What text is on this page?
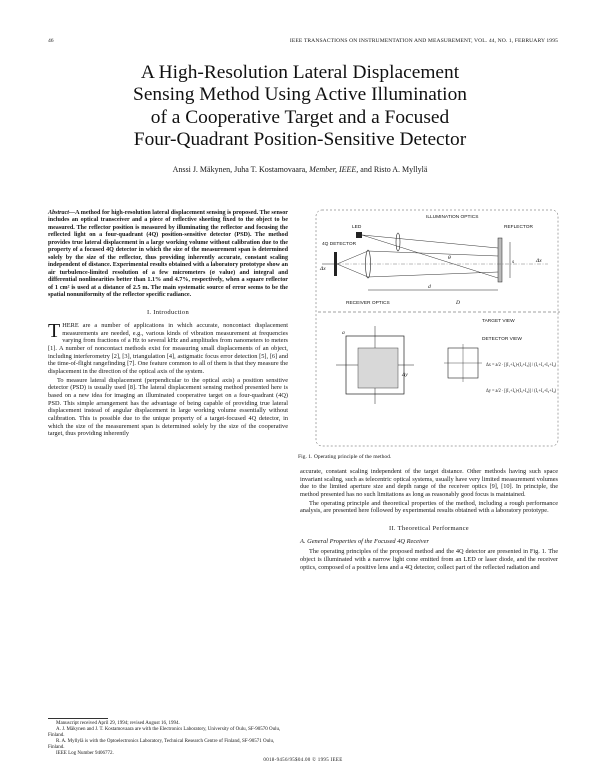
46	IEEE TRANSACTIONS ON INSTRUMENTATION AND MEASUREMENT, VOL. 44, NO. 1, FEBRUARY 1995
A High-Resolution Lateral Displacement
Sensing Method Using Active Illumination
of a Cooperative Target and a Focused
Four-Quadrant Position-Sensitive Detector
Anssi J. Mäkynen, Juha T. Kostamovaara, Member, IEEE, and Risto A. Myllylä
Abstract—A method for high-resolution lateral displacement sensing is proposed. The sensor includes an optical transceiver and a piece of reflective sheeting fixed to the object to be measured. The reflector position is measured by illuminating the reflector and focusing the reflected light on a four-quadrant (4Q) position-sensitive detector (PSD). The method provides true lateral displacement in a large working volume without calibration due to the property of a focused 4Q detector in which the size of the measurement span is determined solely by the size of the reflector, thus providing inherently accurate, constant scaling independent of distance. Experimental results obtained with a laboratory prototype show an air turbulence-limited resolution of a few micrometers (σ value) and integral and differential nonlinearities better than 1.1% and 4.7%, respectively, when a square reflector of 1 cm² is used at a distance of 2.5 m. The main systematic source of error seems to be the spatial nonuniformity of the reflector specific radiance.
I. Introduction
THERE are a number of applications in which accurate, noncontact displacement measurements are needed, e.g., various kinds of vibration measurement at frequencies varying from fractions of a Hz to several kHz and amplitudes from nanometers to meters [1]. A number of noncontact methods exist for measuring small displacements of an object, including interferometry [2], [3], triangulation [4], astigmatic focus error detection [5], [6] and the time-of-flight rangefinding [7]. One feature common to all of them is that they measure the displacement in the direction of the optical axis of the system.
To measure lateral displacement (perpendicular to the optical axis) a position sensitive detector (PSD) is usually used [8]. The lateral displacement sensing method presented here is based on a new idea for imaging an illuminated cooperative target on a four-quadrant (4Q) PSD. This simple arrangement has the advantage of being capable of providing true lateral displacement instead of angular displacement in large working volume essentially without calibration. This is possible due to the unique property of a target-focused 4Q detector, in which the size of the measurement span is determined solely by the size of the cooperative target, thus providing inherently
ILLUMINATION OPTICS
LED	REFLECTOR
4Q DETECTOR
RECEIVER OPTICS
s
Δx
θ	Δx
d
D
TARGET VIEW
DETECTOR VIEW
a
Δy
Δx = a/2 · [(I₁+I₄)-(I₂+I₃)] / (I₁+I₂+I₃+I₄)
Δy = a/2 · [(I₁+I₂)-(I₃+I₄)] / (I₁+I₂+I₃+I₄)
Fig. 1. Operating principle of the method.
accurate, constant scaling independent of the target distance. Other methods having such space invariant scaling, such as telecentric optical systems, usually have very limited measurement volumes due to the limited aperture size and depth range of the receiver optics [9], [10]. In principle, the method presented has no such limitations as long as reasonably good focus is maintained.
The operating principle and theoretical properties of the method, including a rough performance analysis, are presented here followed by experimental results obtained with a laboratory prototype.
II. Theoretical Performance
A. General Properties of the Focused 4Q Receiver
The operating principles of the proposed method and the 4Q detector are presented in Fig. 1. The object is illuminated with a narrow light cone emitted from an LED or laser diode, and the receiver optics, composed of a positive lens and a 4Q detector, collect part of the reflected radiation and
Manuscript received April 29, 1994; revised August 16, 1994.
A. J. Mäkynen and J. T. Kostamovaara are with the Electronics Laboratory, University of Oulu, SF-90570 Oulu, Finland.
R. A. Myllylä is with the Optoelectronics Laboratory, Technical Research Centre of Finland, SF-90571 Oulu, Finland.
IEEE Log Number 9406772.
0018-9456/95$04.00 © 1995 IEEE
